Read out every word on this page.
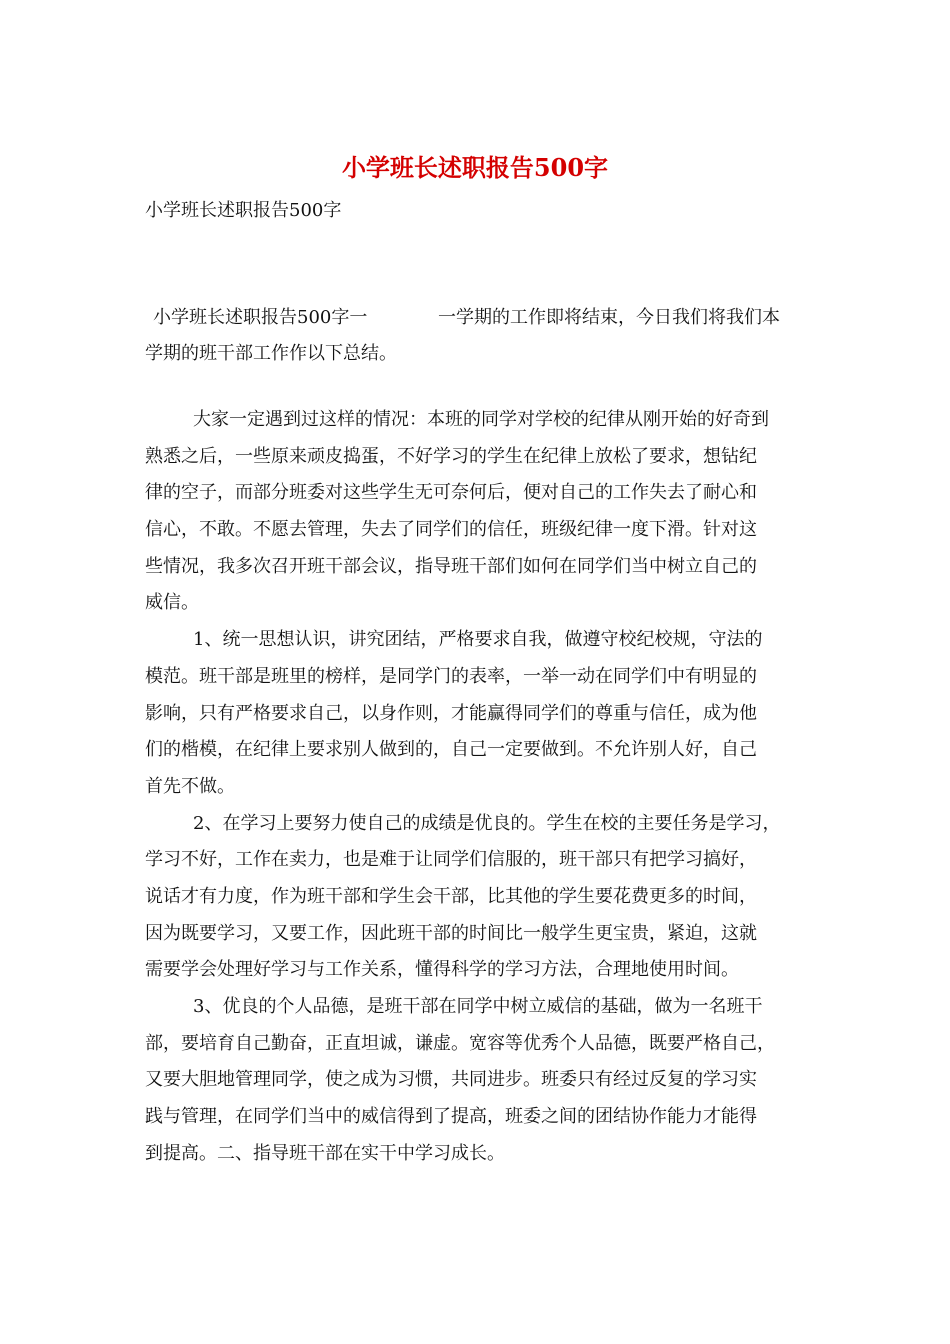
小学班长述职报告500字
小学班长述职报告500字
小学班长述职报告500字一	一学期的工作即将结束，今日我们将我们本
学期的班干部工作作以下总结。
大家一定遇到过这样的情况：本班的同学对学校的纪律从刚开始的好奇到
熟悉之后，一些原来顽皮捣蛋，不好学习的学生在纪律上放松了要求，想钻纪
律的空子，而部分班委对这些学生无可奈何后，便对自己的工作失去了耐心和
信心，不敢。不愿去管理，失去了同学们的信任，班级纪律一度下滑。针对这
些情况，我多次召开班干部会议，指导班干部们如何在同学们当中树立自己的
威信。
1、统一思想认识，讲究团结，严格要求自我，做遵守校纪校规，守法的
模范。班干部是班里的榜样，是同学门的表率，一举一动在同学们中有明显的
影响，只有严格要求自己，以身作则，才能赢得同学们的尊重与信任，成为他
们的楷模，在纪律上要求别人做到的，自己一定要做到。不允许别人好，自己
首先不做。
2、在学习上要努力使自己的成绩是优良的。学生在校的主要任务是学习，
学习不好，工作在卖力，也是难于让同学们信服的，班干部只有把学习搞好，
说话才有力度，作为班干部和学生会干部，比其他的学生要花费更多的时间，
因为既要学习，又要工作，因此班干部的时间比一般学生更宝贵，紧迫，这就
需要学会处理好学习与工作关系，懂得科学的学习方法，合理地使用时间。
3、优良的个人品德，是班干部在同学中树立威信的基础，做为一名班干
部，要培育自己勤奋，正直坦诚，谦虚。宽容等优秀个人品德，既要严格自己，
又要大胆地管理同学，使之成为习惯，共同进步。班委只有经过反复的学习实
践与管理，在同学们当中的威信得到了提高，班委之间的团结协作能力才能得
到提高。二、指导班干部在实干中学习成长。
